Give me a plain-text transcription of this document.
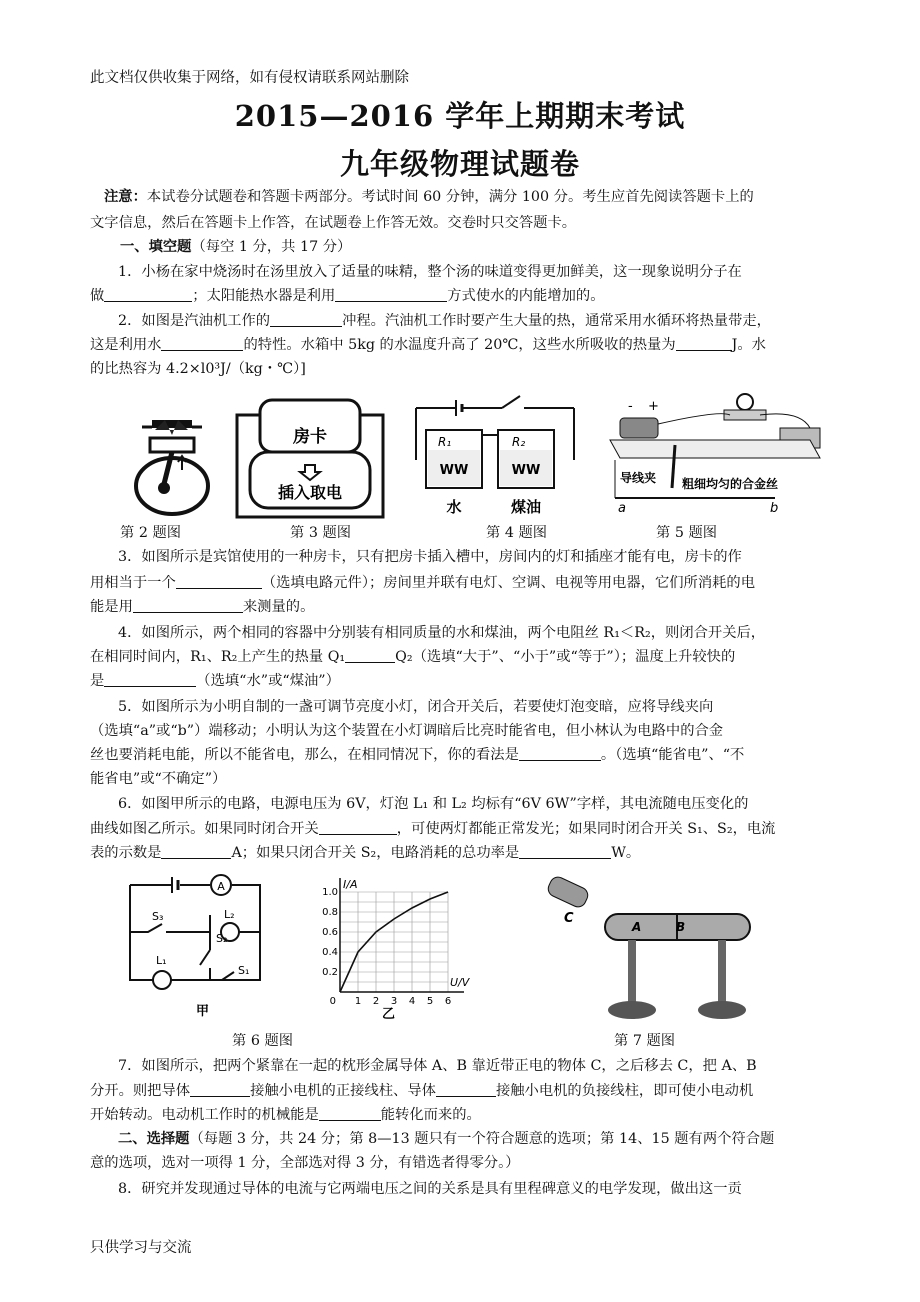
此文档仅供收集于网络，如有侵权请联系网站删除
2015—2016 学年上期期末考试
九年级物理试题卷
注意：本试卷分试题卷和答题卡两部分。考试时间 60 分钟，满分 100 分。考生应首先阅读答题卡上的
文字信息，然后在答题卡上作答，在试题卷上作答无效。交卷时只交答题卡。
一、填空题（每空 1 分，共 17 分）
1．小杨在家中烧汤时在汤里放入了适量的味精，整个汤的味道变得更加鲜美，这一现象说明分子在
做	；太阳能热水器是利用	方式使水的内能增加的。
2．如图是汽油机工作的	冲程。汽油机工作时要产生大量的热，通常采用水循环将热量带走，
这是利用水	的特性。水箱中 5kg 的水温度升高了 20℃，这些水所吸收的热量为	J。水
的比热容为 4.2×l0³J/（kg・℃）]
房卡
插入取电
WW	WW
R₁	R₂
水	煤油
- +
导线夹 粗细均匀的合金丝
a	b
第 2 题图	第 3 题图	第 4 题图	第 5 题图
3．如图所示是宾馆使用的一种房卡，只有把房卡插入槽中，房间内的灯和插座才能有电，房卡的作
用相当于一个	（选填电路元件）；房间里并联有电灯、空调、电视等用电器，它们所消耗的电
能是用	来测量的。
4．如图所示，两个相同的容器中分别装有相同质量的水和煤油，两个电阻丝 R₁＜R₂，则闭合开关后，
在相同时间内，R₁、R₂上产生的热量 Q₁	Q₂（选填“大于”、“小于”或“等于”）；温度上升较快的
是	（选填“水”或“煤油”）
5．如图所示为小明自制的一盏可调节亮度小灯，闭合开关后，若要使灯泡变暗，应将导线夹向
（选填“a”或“b”）端移动；小明认为这个装置在小灯调暗后比亮时能省电，但小林认为电路中的合金
丝也要消耗电能，所以不能省电，那么，在相同情况下，你的看法是	。（选填“能省电”、“不
能省电”或“不确定”）
6．如图甲所示的电路，电源电压为 6V，灯泡 L₁ 和 L₂ 均标有“6V 6W”字样，其电流随电压变化的
曲线如图乙所示。如果同时闭合开关	，可使两灯都能正常发光；如果同时闭合开关 S₁、S₂，电流
表的示数是	A；如果只闭合开关 S₂，电路消耗的总功率是	W。
A
S₃
S₂
L₂
L₁
S₁
甲
1 2 3 4 5 6
0.2
0.4
0.6
0.8
1.0
0
U/V
I/A
乙
C
A	B
第 6 题图	第 7 题图
7．如图所示，把两个紧靠在一起的枕形金属导体 A、B 靠近带正电的物体 C，之后移去 C，把 A、B
分开。则把导体	接触小电机的正接线柱、导体	接触小电机的负接线柱，即可使小电动机
开始转动。电动机工作时的机械能是	能转化而来的。
二、选择题（每题 3 分，共 24 分；第 8—13 题只有一个符合题意的选项；第 14、15 题有两个符合题
意的选项，选对一项得 1 分，全部选对得 3 分，有错选者得零分。）
8．研究并发现通过导体的电流与它两端电压之间的关系是具有里程碑意义的电学发现，做出这一贡
只供学习与交流
